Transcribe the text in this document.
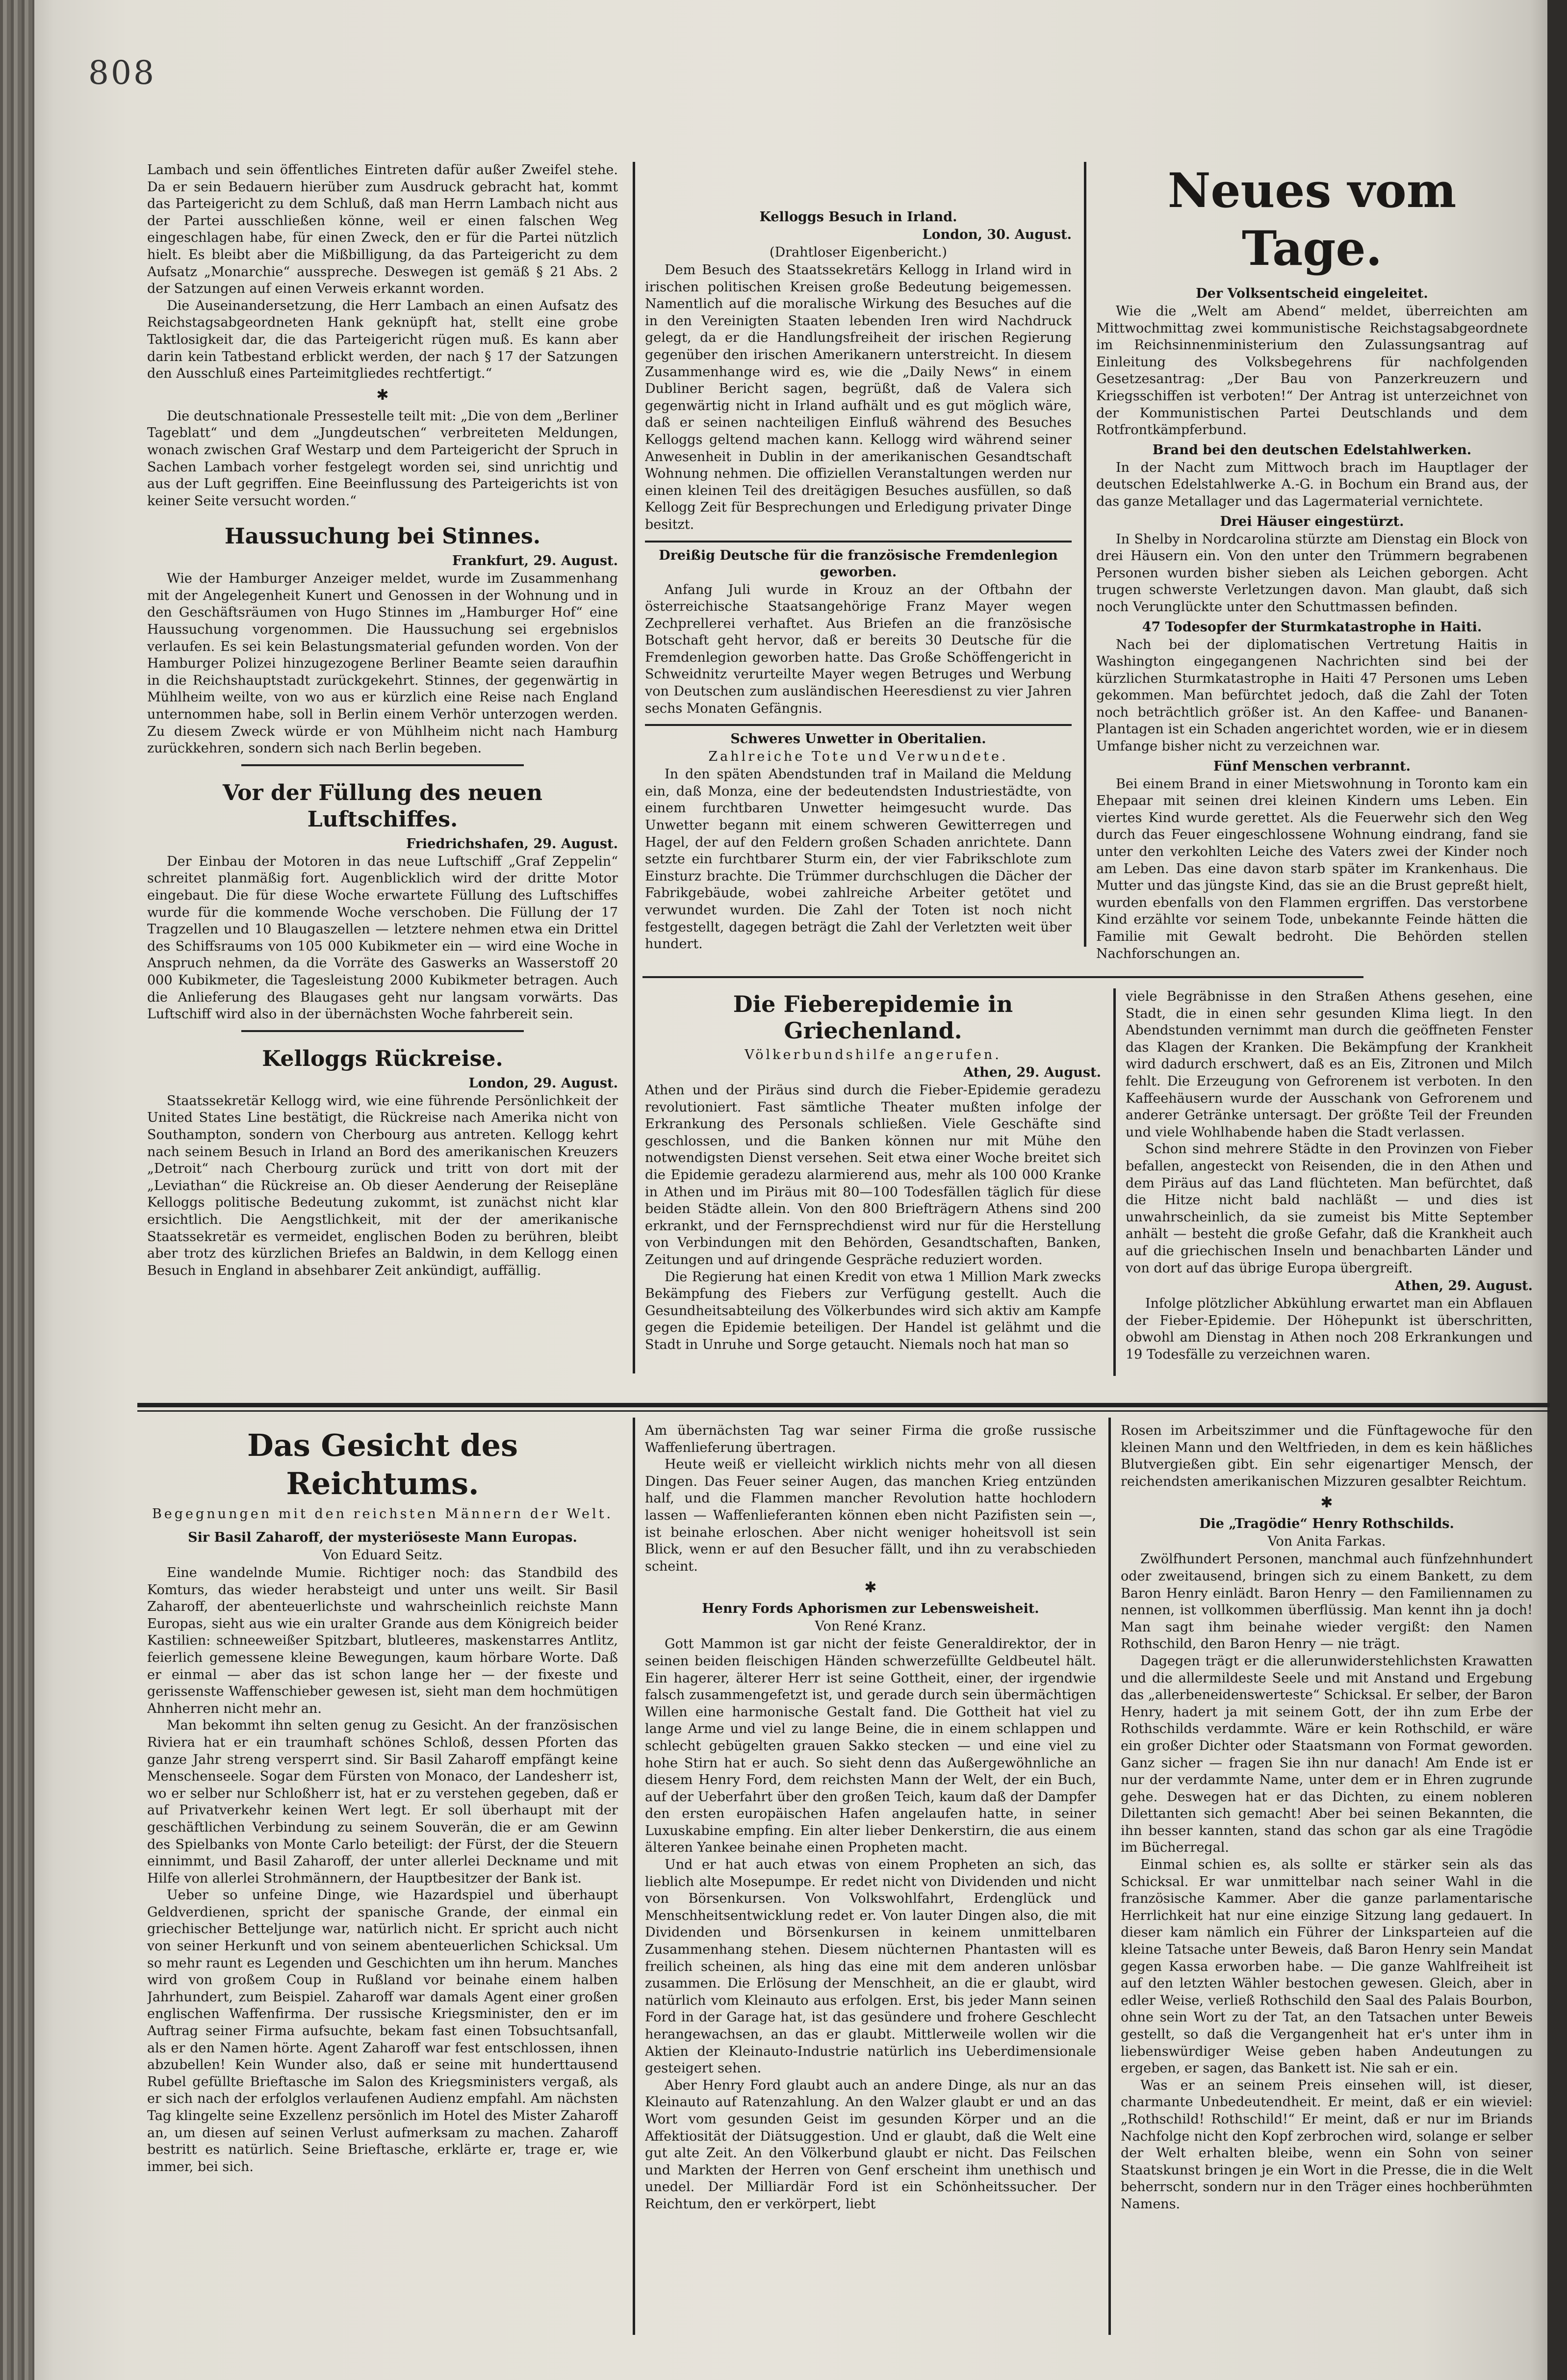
808

Lambach und sein öffentliches Eintreten dafür außer Zweifel stehe. Da er sein Bedauern hierüber zum Ausdruck gebracht hat, kommt das Parteigericht zu dem Schluß, daß man Herrn Lambach nicht aus der Partei ausschließen könne, weil er einen falschen Weg eingeschlagen habe, für einen Zweck, den er für die Partei nützlich hielt. Es bleibt aber die Mißbilligung, da das Parteigericht zu dem Aufsatz „Monarchie“ ausspreche. Deswegen ist gemäß § 21 Abs. 2 der Satzungen auf einen Verweis erkannt worden.

Die Auseinandersetzung, die Herr Lambach an einen Aufsatz des Reichstagsabgeordneten Hank geknüpft hat, stellt eine grobe Taktlosigkeit dar, die das Parteigericht rügen muß. Es kann aber darin kein Tatbestand erblickt werden, der nach § 17 der Satzungen den Ausschluß eines Parteimitgliedes rechtfertigt.“

✱

Die deutschnationale Pressestelle teilt mit: „Die von dem „Berliner Tageblatt“ und dem „Jungdeutschen“ verbreiteten Meldungen, wonach zwischen Graf Westarp und dem Parteigericht der Spruch in Sachen Lambach vorher festgelegt worden sei, sind unrichtig und aus der Luft gegriffen. Eine Beeinflussung des Parteigerichts ist von keiner Seite versucht worden.“

Haussuchung bei Stinnes.
Frankfurt, 29. August.

Wie der Hamburger Anzeiger meldet, wurde im Zusammenhang mit der Angelegenheit Kunert und Genossen in der Wohnung und in den Geschäftsräumen von Hugo Stinnes im „Hamburger Hof“ eine Haussuchung vorgenommen. Die Haussuchung sei ergebnislos verlaufen. Es sei kein Belastungsmaterial gefunden worden. Von der Hamburger Polizei hinzugezogene Berliner Beamte seien daraufhin in die Reichshauptstadt zurückgekehrt. Stinnes, der gegenwärtig in Mühlheim weilte, von wo aus er kürzlich eine Reise nach England unternommen habe, soll in Berlin einem Verhör unterzogen werden. Zu diesem Zweck würde er von Mühlheim nicht nach Hamburg zurückkehren, sondern sich nach Berlin begeben.

Vor der Füllung des neuen Luftschiffes.
Friedrichshafen, 29. August.

Der Einbau der Motoren in das neue Luftschiff „Graf Zeppelin“ schreitet planmäßig fort. Augenblicklich wird der dritte Motor eingebaut. Die für diese Woche erwartete Füllung des Luftschiffes wurde für die kommende Woche verschoben. Die Füllung der 17 Tragzellen und 10 Blaugaszellen — letztere nehmen etwa ein Drittel des Schiffsraums von 105 000 Kubikmeter ein — wird eine Woche in Anspruch nehmen, da die Vorräte des Gaswerks an Wasserstoff 20 000 Kubikmeter, die Tagesleistung 2000 Kubikmeter betragen. Auch die Anlieferung des Blaugases geht nur langsam vorwärts. Das Luftschiff wird also in der übernächsten Woche fahrbereit sein.

Kelloggs Rückreise.
London, 29. August.

Staatssekretär Kellogg wird, wie eine führende Persönlichkeit der United States Line bestätigt, die Rückreise nach Amerika nicht von Southampton, sondern von Cherbourg aus antreten. Kellogg kehrt nach seinem Besuch in Irland an Bord des amerikanischen Kreuzers „Detroit“ nach Cherbourg zurück und tritt von dort mit der „Leviathan“ die Rückreise an. Ob dieser Aenderung der Reisepläne Kelloggs politische Bedeutung zukommt, ist zunächst nicht klar ersichtlich. Die Aengstlichkeit, mit der der amerikanische Staatssekretär es vermeidet, englischen Boden zu berühren, bleibt aber trotz des kürzlichen Briefes an Baldwin, in dem Kellogg einen Besuch in England in absehbarer Zeit ankündigt, auffällig.

Kelloggs Besuch in Irland.
London, 30. August.
(Drahtloser Eigenbericht.)

Dem Besuch des Staatssekretärs Kellogg in Irland wird in irischen politischen Kreisen große Bedeutung beigemessen. Namentlich auf die moralische Wirkung des Besuches auf die in den Vereinigten Staaten lebenden Iren wird Nachdruck gelegt, da er die Handlungsfreiheit der irischen Regierung gegenüber den irischen Amerikanern unterstreicht. In diesem Zusammenhange wird es, wie die „Daily News“ in einem Dubliner Bericht sagen, begrüßt, daß de Valera sich gegenwärtig nicht in Irland aufhält und es gut möglich wäre, daß er seinen nachteiligen Einfluß während des Besuches Kelloggs geltend machen kann. Kellogg wird während seiner Anwesenheit in Dublin in der amerikanischen Gesandtschaft Wohnung nehmen. Die offiziellen Veranstaltungen werden nur einen kleinen Teil des dreitägigen Besuches ausfüllen, so daß Kellogg Zeit für Besprechungen und Erledigung privater Dinge besitzt.

Dreißig Deutsche für die französische Fremdenlegion geworben.

Anfang Juli wurde in Krouz an der Oftbahn der österreichische Staatsangehörige Franz Mayer wegen Zechprellerei verhaftet. Aus Briefen an die französische Botschaft geht hervor, daß er bereits 30 Deutsche für die Fremdenlegion geworben hatte. Das Große Schöffengericht in Schweidnitz verurteilte Mayer wegen Betruges und Werbung von Deutschen zum ausländischen Heeresdienst zu vier Jahren sechs Monaten Gefängnis.

Schweres Unwetter in Oberitalien.
Zahlreiche Tote und Verwundete.

In den späten Abendstunden traf in Mailand die Meldung ein, daß Monza, eine der bedeutendsten Industriestädte, von einem furchtbaren Unwetter heimgesucht wurde. Das Unwetter begann mit einem schweren Gewitterregen und Hagel, der auf den Feldern großen Schaden anrichtete. Dann setzte ein furchtbarer Sturm ein, der vier Fabrikschlote zum Einsturz brachte. Die Trümmer durchschlugen die Dächer der Fabrikgebäude, wobei zahlreiche Arbeiter getötet und verwundet wurden. Die Zahl der Toten ist noch nicht festgestellt, dagegen beträgt die Zahl der Verletzten weit über hundert.

Neues vom Tage.
Der Volksentscheid eingeleitet.

Wie die „Welt am Abend“ meldet, überreichten am Mittwochmittag zwei kommunistische Reichstagsabgeordnete im Reichsinnenministerium den Zulassungsantrag auf Einleitung des Volksbegehrens für nachfolgenden Gesetzesantrag: „Der Bau von Panzerkreuzern und Kriegsschiffen ist verboten!“ Der Antrag ist unterzeichnet von der Kommunistischen Partei Deutschlands und dem Rotfrontkämpferbund.

Brand bei den deutschen Edelstahlwerken.

In der Nacht zum Mittwoch brach im Hauptlager der deutschen Edelstahlwerke A.-G. in Bochum ein Brand aus, der das ganze Metallager und das Lagermaterial vernichtete.

Drei Häuser eingestürzt.

In Shelby in Nordcarolina stürzte am Dienstag ein Block von drei Häusern ein. Von den unter den Trümmern begrabenen Personen wurden bisher sieben als Leichen geborgen. Acht trugen schwerste Verletzungen davon. Man glaubt, daß sich noch Verunglückte unter den Schuttmassen befinden.

47 Todesopfer der Sturmkatastrophe in Haiti.

Nach bei der diplomatischen Vertretung Haitis in Washington eingegangenen Nachrichten sind bei der kürzlichen Sturmkatastrophe in Haiti 47 Personen ums Leben gekommen. Man befürchtet jedoch, daß die Zahl der Toten noch beträchtlich größer ist. An den Kaffee- und Bananen-Plantagen ist ein Schaden angerichtet worden, wie er in diesem Umfange bisher nicht zu verzeichnen war.

Fünf Menschen verbrannt.

Bei einem Brand in einer Mietswohnung in Toronto kam ein Ehepaar mit seinen drei kleinen Kindern ums Leben. Ein viertes Kind wurde gerettet. Als die Feuerwehr sich den Weg durch das Feuer eingeschlossene Wohnung eindrang, fand sie unter den verkohlten Leiche des Vaters zwei der Kinder noch am Leben. Das eine davon starb später im Krankenhaus. Die Mutter und das jüngste Kind, das sie an die Brust gepreßt hielt, wurden ebenfalls von den Flammen ergriffen. Das verstorbene Kind erzählte vor seinem Tode, unbekannte Feinde hätten die Familie mit Gewalt bedroht. Die Behörden stellen Nachforschungen an.

Die Fieberepidemie in Griechenland.
Völkerbundshilfe angerufen.
Athen, 29. August.

Athen und der Piräus sind durch die Fieber-Epidemie geradezu revolutioniert. Fast sämtliche Theater mußten infolge der Erkrankung des Personals schließen. Viele Geschäfte sind geschlossen, und die Banken können nur mit Mühe den notwendigsten Dienst versehen. Seit etwa einer Woche breitet sich die Epidemie geradezu alarmierend aus, mehr als 100 000 Kranke in Athen und im Piräus mit 80—100 Todesfällen täglich für diese beiden Städte allein. Von den 800 Briefträgern Athens sind 200 erkrankt, und der Fernsprechdienst wird nur für die Herstellung von Verbindungen mit den Behörden, Gesandtschaften, Banken, Zeitungen und auf dringende Gespräche reduziert worden.

Die Regierung hat einen Kredit von etwa 1 Million Mark zwecks Bekämpfung des Fiebers zur Verfügung gestellt. Auch die Gesundheitsabteilung des Völkerbundes wird sich aktiv am Kampfe gegen die Epidemie beteiligen. Der Handel ist gelähmt und die Stadt in Unruhe und Sorge getaucht. Niemals noch hat man so

viele Begräbnisse in den Straßen Athens gesehen, eine Stadt, die in einen sehr gesunden Klima liegt. In den Abendstunden vernimmt man durch die geöffneten Fenster das Klagen der Kranken. Die Bekämpfung der Krankheit wird dadurch erschwert, daß es an Eis, Zitronen und Milch fehlt. Die Erzeugung von Gefrorenem ist verboten. In den Kaffeehäusern wurde der Ausschank von Gefrorenem und anderer Getränke untersagt. Der größte Teil der Freunden und viele Wohlhabende haben die Stadt verlassen.

Schon sind mehrere Städte in den Provinzen von Fieber befallen, angesteckt von Reisenden, die in den Athen und dem Piräus auf das Land flüchteten. Man befürchtet, daß die Hitze nicht bald nachläßt — und dies ist unwahrscheinlich, da sie zumeist bis Mitte September anhält — besteht die große Gefahr, daß die Krankheit auch auf die griechischen Inseln und benachbarten Länder und von dort auf das übrige Europa übergreift.

Athen, 29. August.

Infolge plötzlicher Abkühlung erwartet man ein Abflauen der Fieber-Epidemie. Der Höhepunkt ist überschritten, obwohl am Dienstag in Athen noch 208 Erkrankungen und 19 Todesfälle zu verzeichnen waren.

Das Gesicht des Reichtums.
Begegnungen mit den reichsten Männern der Welt.
Sir Basil Zaharoff, der mysteriöseste Mann Europas.
Von Eduard Seitz.

Eine wandelnde Mumie. Richtiger noch: das Standbild des Komturs, das wieder herabsteigt und unter uns weilt. Sir Basil Zaharoff, der abenteuerlichste und wahrscheinlich reichste Mann Europas, sieht aus wie ein uralter Grande aus dem Königreich beider Kastilien: schneeweißer Spitzbart, blutleeres, maskenstarres Antlitz, feierlich gemessene kleine Bewegungen, kaum hörbare Worte. Daß er einmal — aber das ist schon lange her — der fixeste und gerissenste Waffenschieber gewesen ist, sieht man dem hochmütigen Ahnherren nicht mehr an.

Man bekommt ihn selten genug zu Gesicht. An der französischen Riviera hat er ein traumhaft schönes Schloß, dessen Pforten das ganze Jahr streng versperrt sind. Sir Basil Zaharoff empfängt keine Menschenseele. Sogar dem Fürsten von Monaco, der Landesherr ist, wo er selber nur Schloßherr ist, hat er zu verstehen gegeben, daß er auf Privatverkehr keinen Wert legt. Er soll überhaupt mit der geschäftlichen Verbindung zu seinem Souverän, die er am Gewinn des Spielbanks von Monte Carlo beteiligt: der Fürst, der die Steuern einnimmt, und Basil Zaharoff, der unter allerlei Deckname und mit Hilfe von allerlei Strohmännern, der Hauptbesitzer der Bank ist.

Ueber so unfeine Dinge, wie Hazardspiel und überhaupt Geldverdienen, spricht der spanische Grande, der einmal ein griechischer Betteljunge war, natürlich nicht. Er spricht auch nicht von seiner Herkunft und von seinem abenteuerlichen Schicksal. Um so mehr raunt es Legenden und Geschichten um ihn herum. Manches wird von großem Coup in Rußland vor beinahe einem halben Jahrhundert, zum Beispiel. Zaharoff war damals Agent einer großen englischen Waffenfirma. Der russische Kriegsminister, den er im Auftrag seiner Firma aufsuchte, bekam fast einen Tobsuchtsanfall, als er den Namen hörte. Agent Zaharoff war fest entschlossen, ihnen abzubellen! Kein Wunder also, daß er seine mit hunderttausend Rubel gefüllte Brieftasche im Salon des Kriegsministers vergaß, als er sich nach der erfolglos verlaufenen Audienz empfahl. Am nächsten Tag klingelte seine Exzellenz persönlich im Hotel des Mister Zaharoff an, um diesen auf seinen Verlust aufmerksam zu machen. Zaharoff bestritt es natürlich. Seine Brieftasche, erklärte er, trage er, wie immer, bei sich.

Am übernächsten Tag war seiner Firma die große russische Waffenlieferung übertragen.

Heute weiß er vielleicht wirklich nichts mehr von all diesen Dingen. Das Feuer seiner Augen, das manchen Krieg entzünden half, und die Flammen mancher Revolution hatte hochlodern lassen — Waffenlieferanten können eben nicht Pazifisten sein —, ist beinahe erloschen. Aber nicht weniger hoheitsvoll ist sein Blick, wenn er auf den Besucher fällt, und ihn zu verabschieden scheint.

✱
Henry Fords Aphorismen zur Lebensweisheit.
Von René Kranz.

Gott Mammon ist gar nicht der feiste Generaldirektor, der in seinen beiden fleischigen Händen schwerzefüllte Geldbeutel hält. Ein hagerer, älterer Herr ist seine Gottheit, einer, der irgendwie falsch zusammengefetzt ist, und gerade durch sein übermächtigen Willen eine harmonische Gestalt fand. Die Gottheit hat viel zu lange Arme und viel zu lange Beine, die in einem schlappen und schlecht gebügelten grauen Sakko stecken — und eine viel zu hohe Stirn hat er auch. So sieht denn das Außergewöhnliche an diesem Henry Ford, dem reichsten Mann der Welt, der ein Buch, auf der Ueberfahrt über den großen Teich, kaum daß der Dampfer den ersten europäischen Hafen angelaufen hatte, in seiner Luxuskabine empfing. Ein alter lieber Denkerstirn, die aus einem älteren Yankee beinahe einen Propheten macht.

Und er hat auch etwas von einem Propheten an sich, das lieblich alte Mosepumpe. Er redet nicht von Dividenden und nicht von Börsenkursen. Von Volkswohlfahrt, Erdenglück und Menschheitsentwicklung redet er. Von lauter Dingen also, die mit Dividenden und Börsenkursen in keinem unmittelbaren Zusammenhang stehen. Diesem nüchternen Phantasten will es freilich scheinen, als hing das eine mit dem anderen unlösbar zusammen. Die Erlösung der Menschheit, an die er glaubt, wird natürlich vom Kleinauto aus erfolgen. Erst, bis jeder Mann seinen Ford in der Garage hat, ist das gesündere und frohere Geschlecht herangewachsen, an das er glaubt. Mittlerweile wollen wir die Aktien der Kleinauto-Industrie natürlich ins Ueberdimensionale gesteigert sehen.

Aber Henry Ford glaubt auch an andere Dinge, als nur an das Kleinauto auf Ratenzahlung. An den Walzer glaubt er und an das Wort vom gesunden Geist im gesunden Körper und an die Affektiosität der Diätsuggestion. Und er glaubt, daß die Welt eine gut alte Zeit. An den Völkerbund glaubt er nicht. Das Feilschen und Markten der Herren von Genf erscheint ihm unethisch und unedel. Der Milliardär Ford ist ein Schönheitssucher. Der Reichtum, den er verkörpert, liebt

Rosen im Arbeitszimmer und die Fünftagewoche für den kleinen Mann und den Weltfrieden, in dem es kein häßliches Blutvergießen gibt. Ein sehr eigenartiger Mensch, der reichendsten amerikanischen Mizzuren gesalbter Reichtum.

✱
Die „Tragödie“ Henry Rothschilds.
Von Anita Farkas.

Zwölfhundert Personen, manchmal auch fünfzehnhundert oder zweitausend, bringen sich zu einem Bankett, zu dem Baron Henry einlädt. Baron Henry — den Familiennamen zu nennen, ist vollkommen überflüssig. Man kennt ihn ja doch! Man sagt ihm beinahe wieder vergißt: den Namen Rothschild, den Baron Henry — nie trägt.

Dagegen trägt er die allerunwiderstehlichsten Krawatten und die allermildeste Seele und mit Anstand und Ergebung das „allerbeneidenswerteste“ Schicksal. Er selber, der Baron Henry, hadert ja mit seinem Gott, der ihn zum Erbe der Rothschilds verdammte. Wäre er kein Rothschild, er wäre ein großer Dichter oder Staatsmann von Format geworden. Ganz sicher — fragen Sie ihn nur danach! Am Ende ist er nur der verdammte Name, unter dem er in Ehren zugrunde gehe. Deswegen hat er das Dichten, zu einem nobleren Dilettanten sich gemacht! Aber bei seinen Bekannten, die ihn besser kannten, stand das schon gar als eine Tragödie im Bücherregal.

Einmal schien es, als sollte er stärker sein als das Schicksal. Er war unmittelbar nach seiner Wahl in die französische Kammer. Aber die ganze parlamentarische Herrlichkeit hat nur eine einzige Sitzung lang gedauert. In dieser kam nämlich ein Führer der Linksparteien auf die kleine Tatsache unter Beweis, daß Baron Henry sein Mandat gegen Kassa erworben habe. — Die ganze Wahlfreiheit ist auf den letzten Wähler bestochen gewesen. Gleich, aber in edler Weise, verließ Rothschild den Saal des Palais Bourbon, ohne sein Wort zu der Tat, an den Tatsachen unter Beweis gestellt, so daß die Vergangenheit hat er's unter ihm in liebenswürdiger Weise geben haben Andeutungen zu ergeben, er sagen, das Bankett ist. Nie sah er ein.

Was er an seinem Preis einsehen will, ist dieser, charmante Unbedeutendheit. Er meint, daß er ein wieviel: „Rothschild! Rothschild!“ Er meint, daß er nur im Briands Nachfolge nicht den Kopf zerbrochen wird, solange er selber der Welt erhalten bleibe, wenn ein Sohn von seiner Staatskunst bringen je ein Wort in die Presse, die in die Welt beherrscht, sondern nur in den Träger eines hochberühmten Namens.
